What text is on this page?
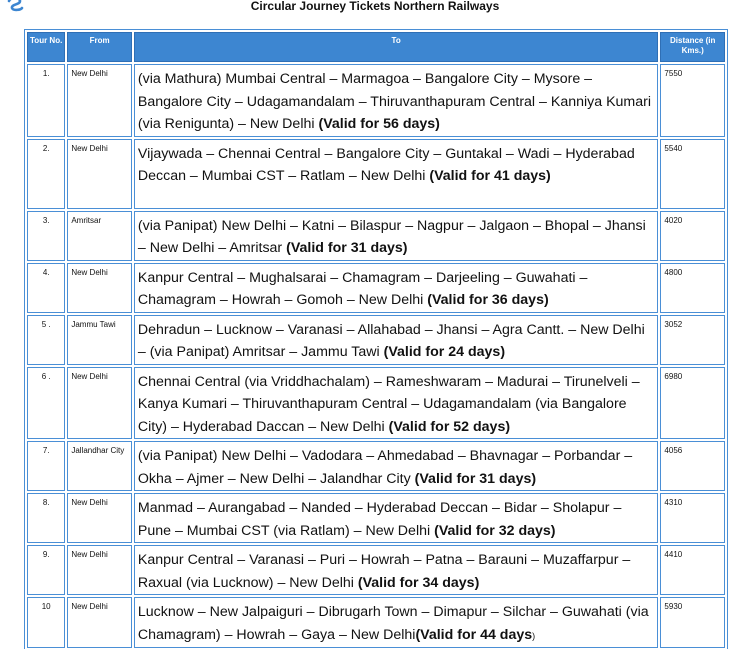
Circular Journey Tickets Northern Railways
Tour No.	From	To	Distance (in Kms.)
1.	New Delhi	(via Mathura) Mumbai Central – Marmagoa – Bangalore City – Mysore – Bangalore City – Udagamandalam – Thiruvanthapuram Central – Kanniya Kumari (via Renigunta) – New Delhi (Valid for 56 days)	7550
2.	New Delhi	Vijaywada – Chennai Central – Bangalore City – Guntakal – Wadi – Hyderabad Deccan – Mumbai CST – Ratlam – New Delhi (Valid for 41 days)	5540
3.	Amritsar	(via Panipat) New Delhi – Katni – Bilaspur – Nagpur – Jalgaon – Bhopal – Jhansi – New Delhi – Amritsar (Valid for 31 days)	4020
4.	New Delhi	Kanpur Central – Mughalsarai – Chamagram – Darjeeling – Guwahati – Chamagram – Howrah – Gomoh – New Delhi (Valid for 36 days)	4800
5 .	Jammu Tawi	Dehradun – Lucknow – Varanasi – Allahabad – Jhansi – Agra Cantt. – New Delhi – (via Panipat) Amritsar – Jammu Tawi (Valid for 24 days)	3052
6 .	New Delhi	Chennai Central (via Vriddhachalam) – Rameshwaram – Madurai – Tirunelveli – Kanya Kumari – Thiruvanthapuram Central – Udagamandalam (via Bangalore City) – Hyderabad Daccan – New Delhi (Valid for 52 days)	6980
7.	Jallandhar City	(via Panipat) New Delhi – Vadodara – Ahmedabad – Bhavnagar – Porbandar – Okha – Ajmer – New Delhi – Jalandhar City (Valid for 31 days)	4056
8.	New Delhi	Manmad – Aurangabad – Nanded – Hyderabad Deccan – Bidar – Sholapur – Pune – Mumbai CST (via Ratlam) – New Delhi (Valid for 32 days)	4310
9.	New Delhi	Kanpur Central – Varanasi – Puri – Howrah – Patna – Barauni – Muzaffarpur – Raxual (via Lucknow) – New Delhi (Valid for 34 days)	4410
10	New Delhi	Lucknow – New Jalpaiguri – Dibrugarh Town – Dimapur – Silchar – Guwahati (via Chamagram) – Howrah – Gaya – New Delhi(Valid for 44 days)	5930
